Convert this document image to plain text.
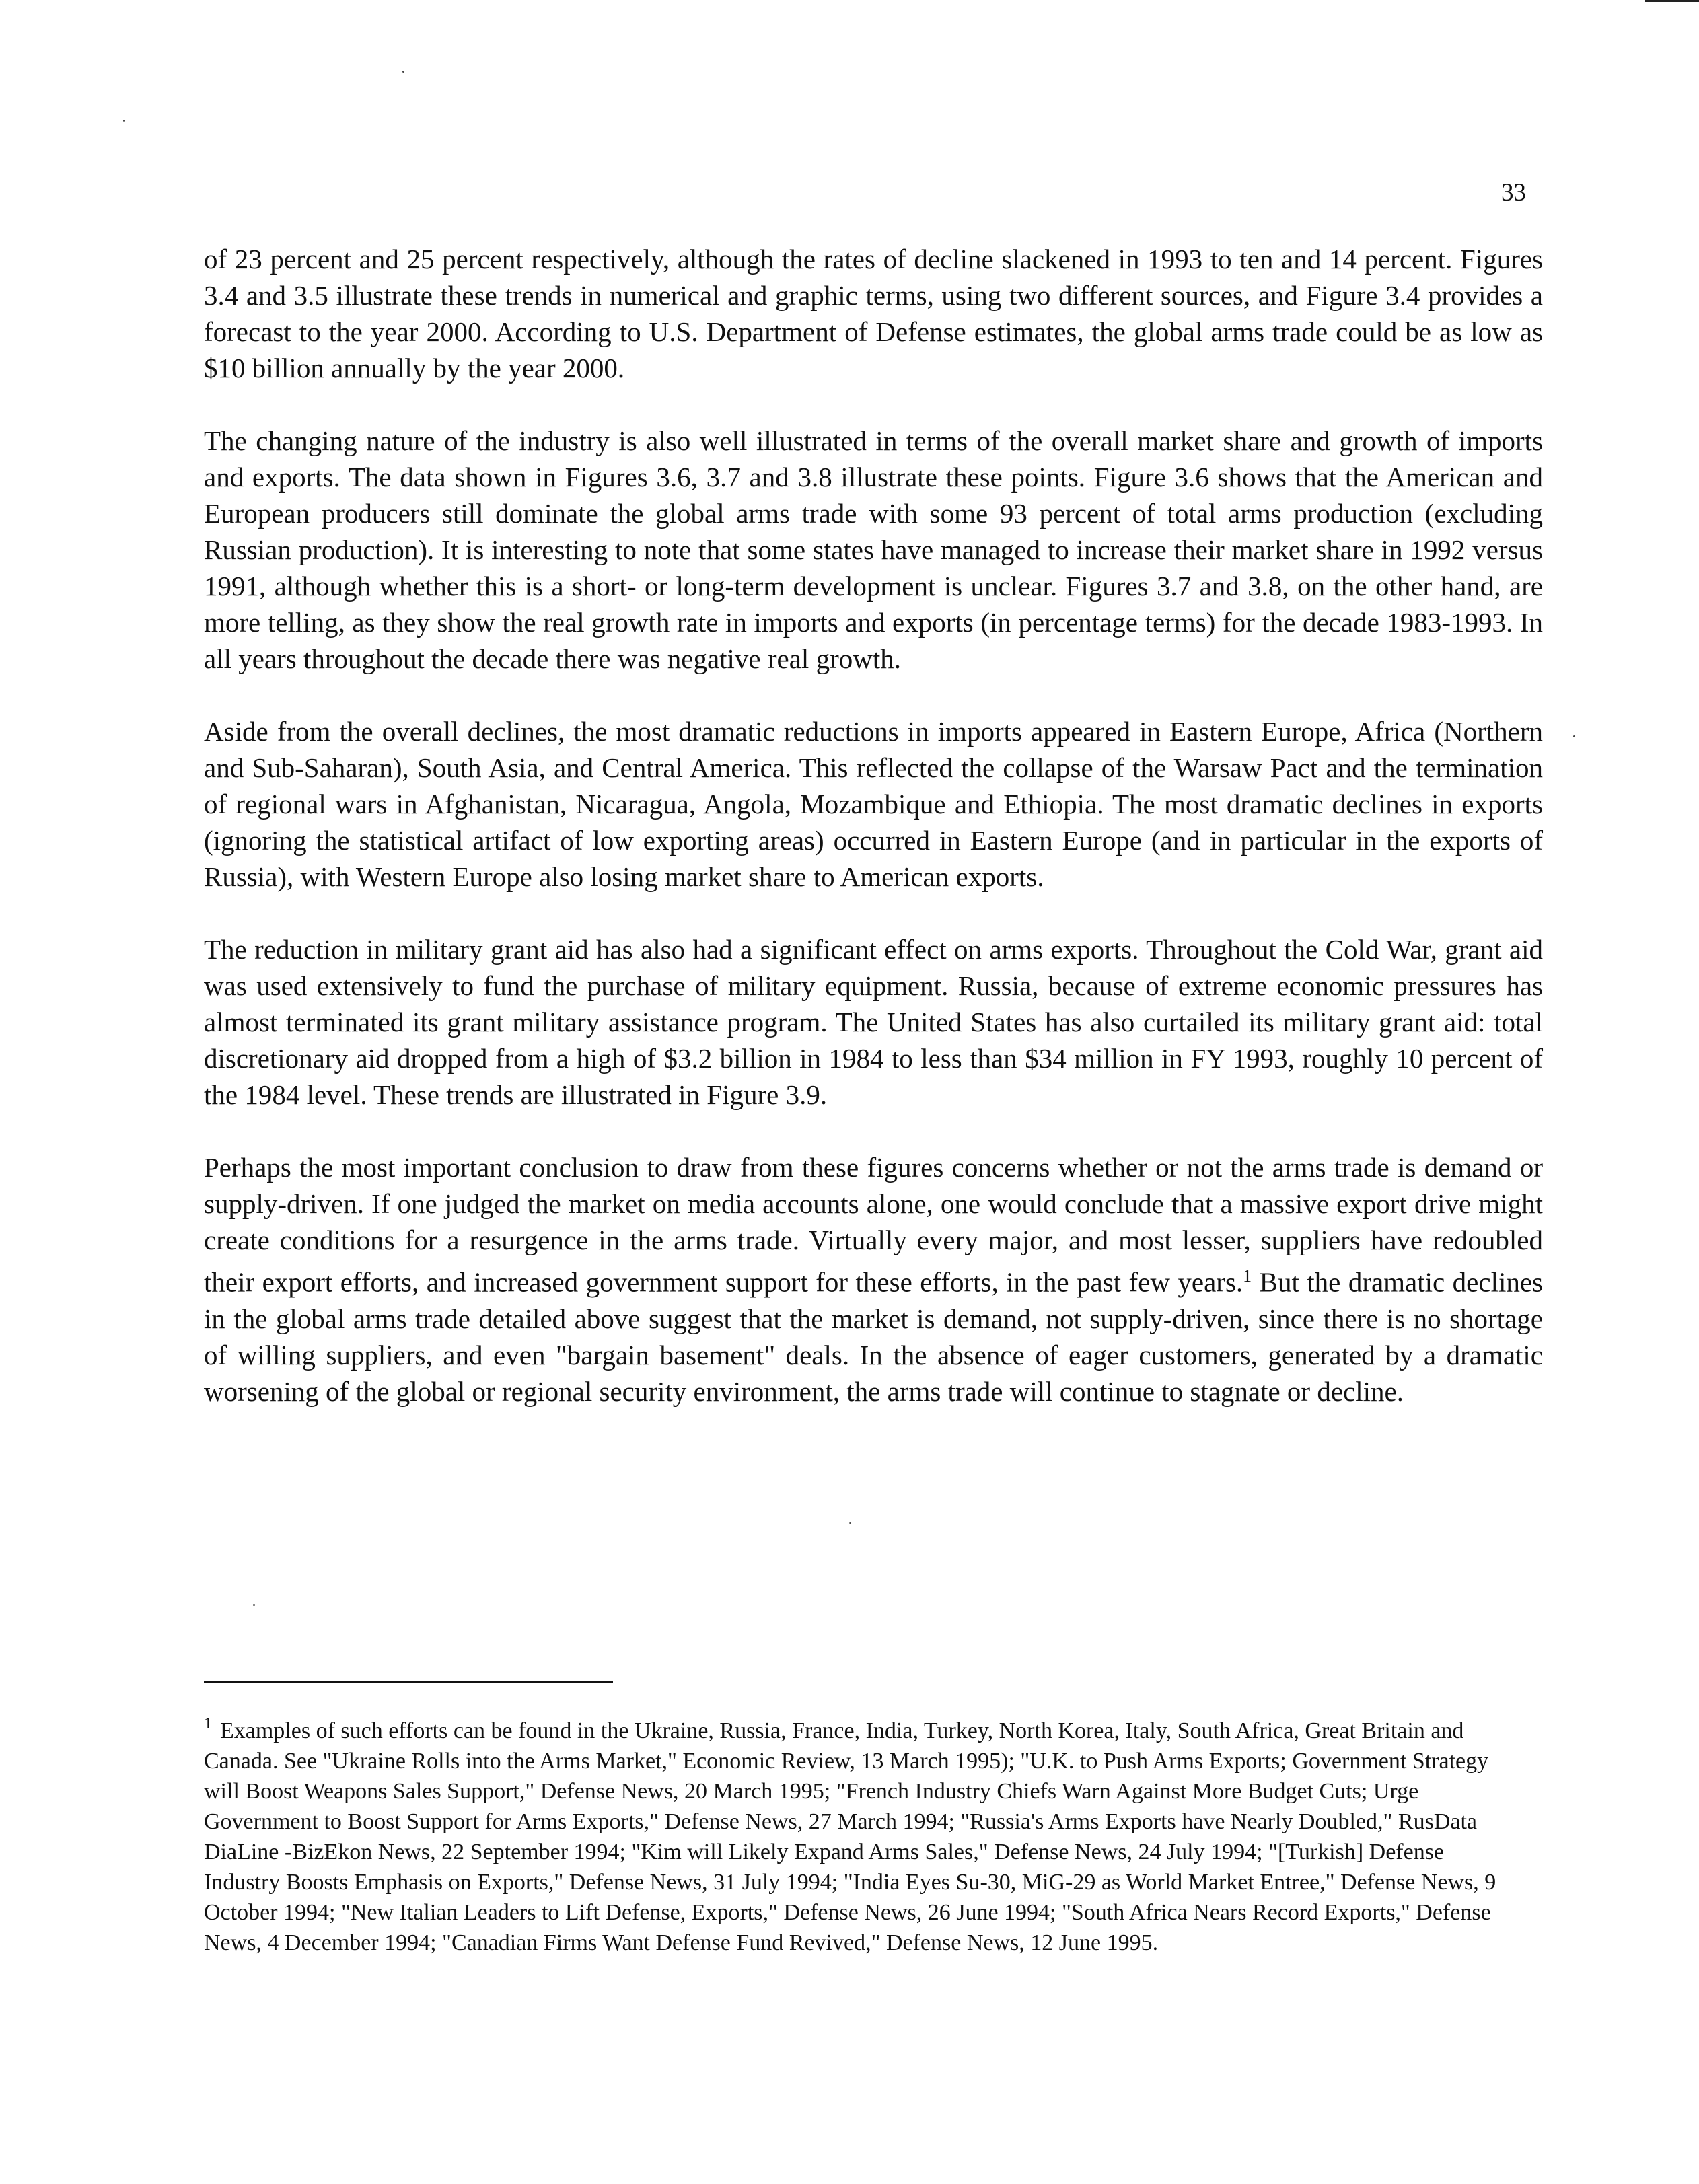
33

of 23 percent and 25 percent respectively, although the rates of decline slackened in 1993 to ten and 14 percent. Figures 3.4 and 3.5 illustrate these trends in numerical and graphic terms, using two different sources, and Figure 3.4 provides a forecast to the year 2000. According to U.S. Department of Defense estimates, the global arms trade could be as low as $10 billion annually by the year 2000.

The changing nature of the industry is also well illustrated in terms of the overall market share and growth of imports and exports. The data shown in Figures 3.6, 3.7 and 3.8 illustrate these points. Figure 3.6 shows that the American and European producers still dominate the global arms trade with some 93 percent of total arms production (excluding Russian production). It is interesting to note that some states have managed to increase their market share in 1992 versus 1991, although whether this is a short- or long-term development is unclear. Figures 3.7 and 3.8, on the other hand, are more telling, as they show the real growth rate in imports and exports (in percentage terms) for the decade 1983-1993. In all years throughout the decade there was negative real growth.

Aside from the overall declines, the most dramatic reductions in imports appeared in Eastern Europe, Africa (Northern and Sub-Saharan), South Asia, and Central America. This reflected the collapse of the Warsaw Pact and the termination of regional wars in Afghanistan, Nicaragua, Angola, Mozambique and Ethiopia. The most dramatic declines in exports (ignoring the statistical artifact of low exporting areas) occurred in Eastern Europe (and in particular in the exports of Russia), with Western Europe also losing market share to American exports.

The reduction in military grant aid has also had a significant effect on arms exports. Throughout the Cold War, grant aid was used extensively to fund the purchase of military equipment. Russia, because of extreme economic pressures has almost terminated its grant military assistance program. The United States has also curtailed its military grant aid: total discretionary aid dropped from a high of $3.2 billion in 1984 to less than $34 million in FY 1993, roughly 10 percent of the 1984 level. These trends are illustrated in Figure 3.9.

Perhaps the most important conclusion to draw from these figures concerns whether or not the arms trade is demand or supply-driven. If one judged the market on media accounts alone, one would conclude that a massive export drive might create conditions for a resurgence in the arms trade. Virtually every major, and most lesser, suppliers have redoubled their export efforts, and increased government support for these efforts, in the past few years.$^1$ But the dramatic declines in the global arms trade detailed above suggest that the market is demand, not supply-driven, since there is no shortage of willing suppliers, and even "bargain basement" deals. In the absence of eager customers, generated by a dramatic worsening of the global or regional security environment, the arms trade will continue to stagnate or decline.

$^1$ Examples of such efforts can be found in the Ukraine, Russia, France, India, Turkey, North Korea, Italy, South Africa, Great Britain and Canada. See "Ukraine Rolls into the Arms Market," Economic Review, 13 March 1995); "U.K. to Push Arms Exports; Government Strategy will Boost Weapons Sales Support," Defense News, 20 March 1995; "French Industry Chiefs Warn Against More Budget Cuts; Urge Government to Boost Support for Arms Exports," Defense News, 27 March 1994; "Russia's Arms Exports have Nearly Doubled," RusData DiaLine -BizEkon News, 22 September 1994; "Kim will Likely Expand Arms Sales," Defense News, 24 July 1994; "[Turkish] Defense Industry Boosts Emphasis on Exports," Defense News, 31 July 1994; "India Eyes Su-30, MiG-29 as World Market Entree," Defense News, 9 October 1994; "New Italian Leaders to Lift Defense, Exports," Defense News, 26 June 1994; "South Africa Nears Record Exports," Defense News, 4 December 1994; "Canadian Firms Want Defense Fund Revived," Defense News, 12 June 1995.
